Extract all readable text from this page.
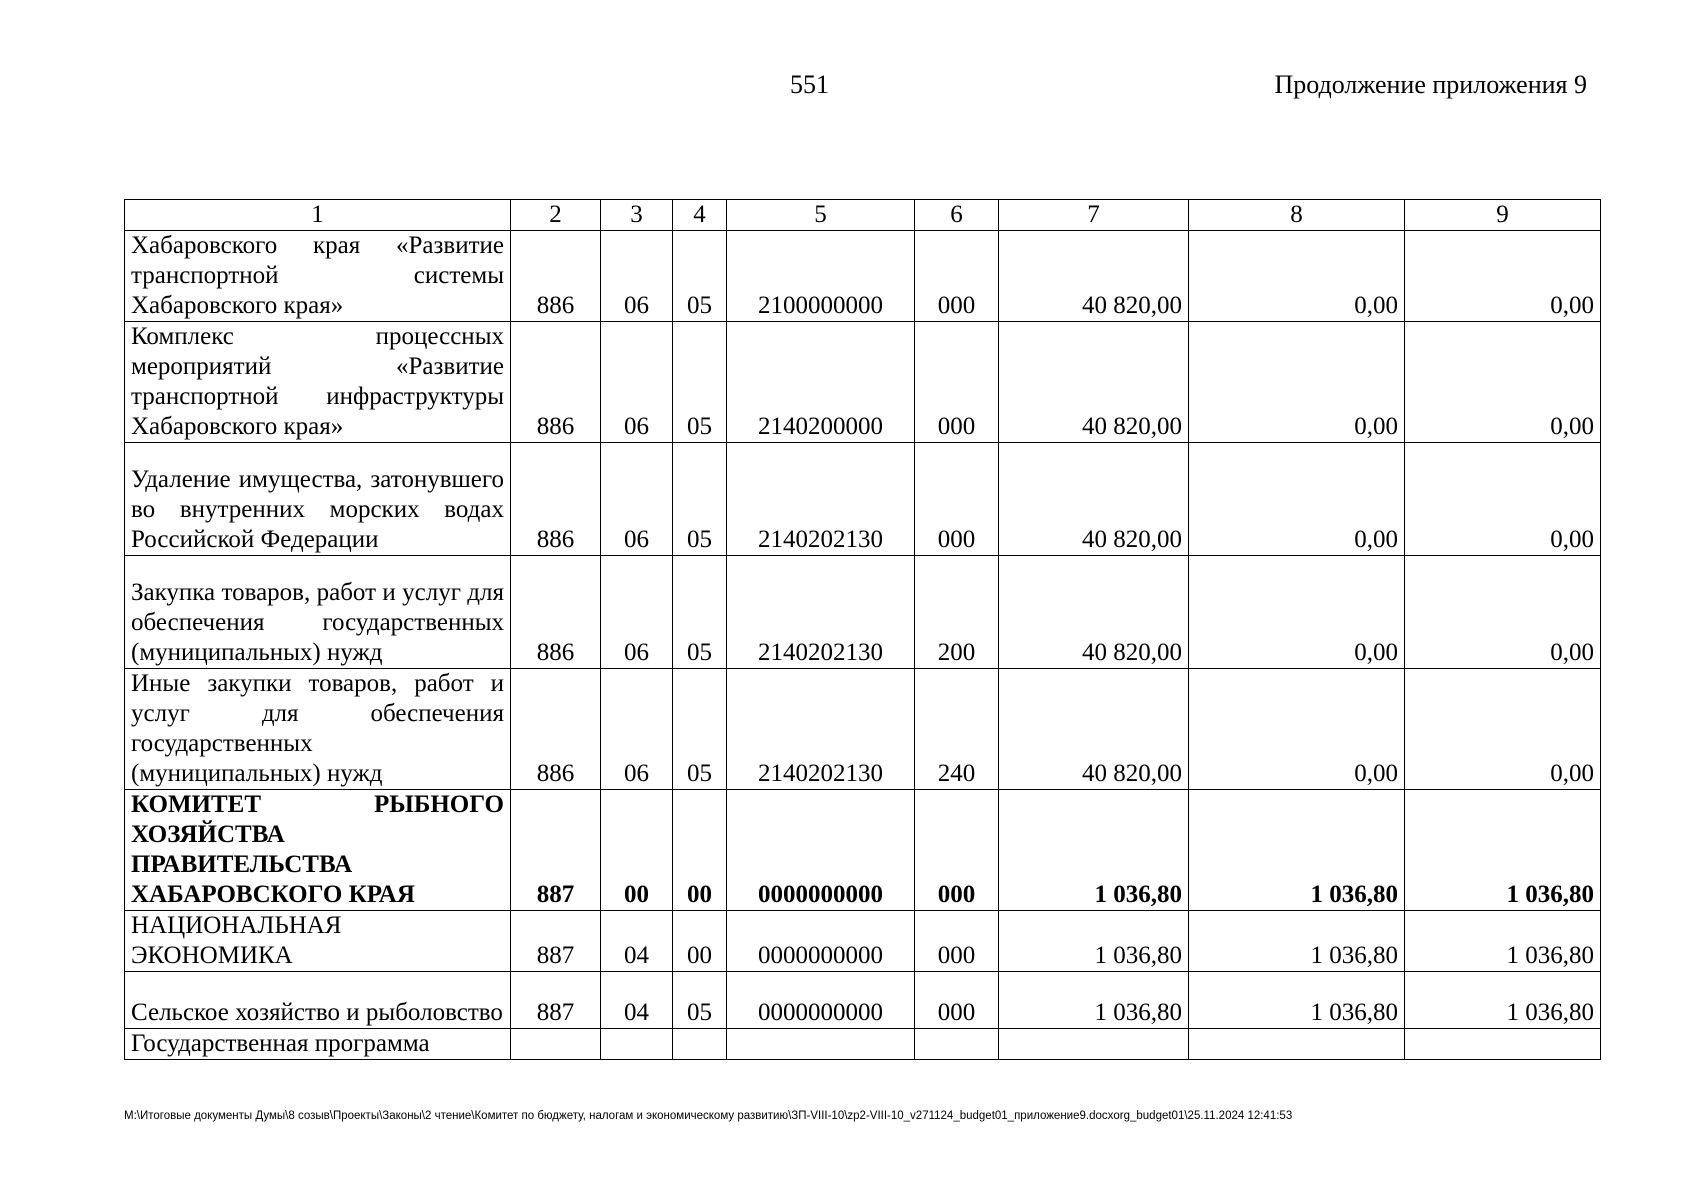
551	Продолжение приложения 9
1	2	3	4	5	6	7	8	9
Хабаровского края «Развитие транспортной системы Хабаровского края»	886	06	05	2100000000	000	40 820,00	0,00	0,00
Комплекс процессных мероприятий «Развитие транспортной инфраструктуры Хабаровского края»	886	06	05	2140200000	000	40 820,00	0,00	0,00
Удаление имущества, затонувшего во внутренних морских водах Российской Федерации	886	06	05	2140202130	000	40 820,00	0,00	0,00
Закупка товаров, работ и услуг для обеспечения государственных (муниципальных) нужд	886	06	05	2140202130	200	40 820,00	0,00	0,00
Иные закупки товаров, работ и услуг для обеспечения государственных (муниципальных) нужд	886	06	05	2140202130	240	40 820,00	0,00	0,00
КОМИТЕТ РЫБНОГО ХОЗЯЙСТВА ПРАВИТЕЛЬСТВА ХАБАРОВСКОГО КРАЯ	887	00	00	0000000000	000	1 036,80	1 036,80	1 036,80
НАЦИОНАЛЬНАЯ ЭКОНОМИКА	887	04	00	0000000000	000	1 036,80	1 036,80	1 036,80
Сельское хозяйство и рыболовство	887	04	05	0000000000	000	1 036,80	1 036,80	1 036,80
Государственная программа								
M:\Итоговые документы Думы\8 созыв\Проекты\Законы\2 чтение\Комитет по бюджету, налогам и экономическому развитию\ЗП-VIII-10\zp2-VIII-10_v271124_budget01_приложение9.docxorg_budget01\25.11.2024 12:41:53
